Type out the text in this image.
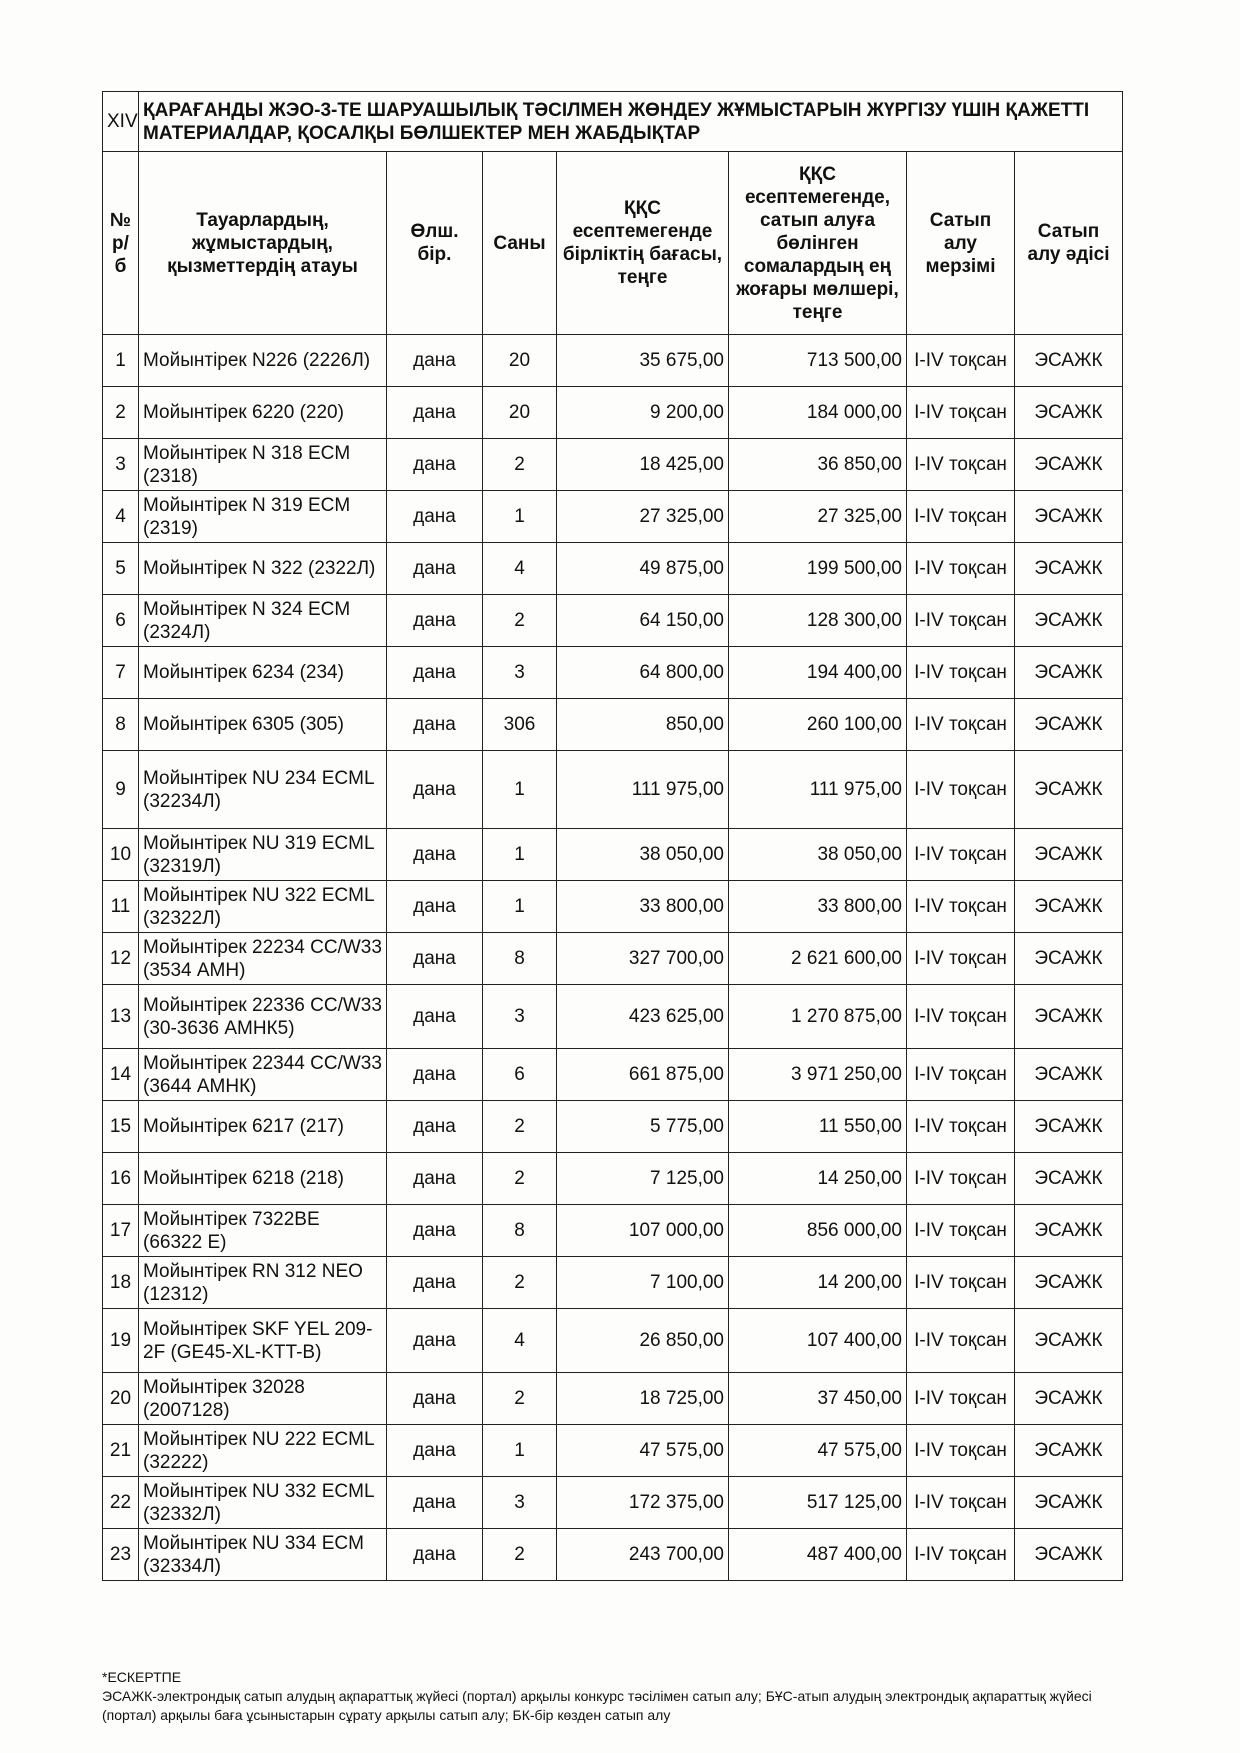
XIV	ҚАРАҒАНДЫ ЖЭО-3-ТЕ ШАРУАШЫЛЫҚ ТӘСІЛМЕН ЖӨНДЕУ ЖҰМЫСТАРЫН ЖҮРГІЗУ ҮШІН ҚАЖЕТТІ МАТЕРИАЛДАР, ҚОСАЛҚЫ БӨЛШЕКТЕР МЕН ЖАБДЫҚТАР						
№ р/б	Тауарлардың, жұмыстардың, қызметтердің атауы	Өлш. бір.	Саны	ҚҚС есептемегенде бірліктің бағасы, теңге	ҚҚС есептемегенде, сатып алуға бөлінген сомалардың ең жоғары мөлшері, теңге	Сатып алу мерзімі	Сатып алу әдісі
1	Мойынтірек N226 (2226Л)	дана	20	35 675,00	713 500,00	I-IV тоқсан	ЭСАЖК
2	Мойынтірек 6220 (220)	дана	20	9 200,00	184 000,00	I-IV тоқсан	ЭСАЖК
3	Мойынтірек N 318 ECM (2318)	дана	2	18 425,00	36 850,00	I-IV тоқсан	ЭСАЖК
4	Мойынтірек N 319 ECM (2319)	дана	1	27 325,00	27 325,00	I-IV тоқсан	ЭСАЖК
5	Мойынтірек N 322 (2322Л)	дана	4	49 875,00	199 500,00	I-IV тоқсан	ЭСАЖК
6	Мойынтірек N 324 ECM (2324Л)	дана	2	64 150,00	128 300,00	I-IV тоқсан	ЭСАЖК
7	Мойынтірек 6234 (234)	дана	3	64 800,00	194 400,00	I-IV тоқсан	ЭСАЖК
8	Мойынтірек 6305 (305)	дана	306	850,00	260 100,00	I-IV тоқсан	ЭСАЖК
9	Мойынтірек NU 234 ECML (32234Л)	дана	1	111 975,00	111 975,00	I-IV тоқсан	ЭСАЖК
10	Мойынтірек NU 319 ECML (32319Л)	дана	1	38 050,00	38 050,00	I-IV тоқсан	ЭСАЖК
11	Мойынтірек NU 322 ECML (32322Л)	дана	1	33 800,00	33 800,00	I-IV тоқсан	ЭСАЖК
12	Мойынтірек 22234 CC/W33 (3534 АМН)	дана	8	327 700,00	2 621 600,00	I-IV тоқсан	ЭСАЖК
13	Мойынтірек 22336 CC/W33 (30-3636 АМНК5)	дана	3	423 625,00	1 270 875,00	I-IV тоқсан	ЭСАЖК
14	Мойынтірек 22344 CC/W33 (3644 АМНК)	дана	6	661 875,00	3 971 250,00	I-IV тоқсан	ЭСАЖК
15	Мойынтірек 6217 (217)	дана	2	5 775,00	11 550,00	I-IV тоқсан	ЭСАЖК
16	Мойынтірек 6218 (218)	дана	2	7 125,00	14 250,00	I-IV тоқсан	ЭСАЖК
17	Мойынтірек 7322BE (66322 E)	дана	8	107 000,00	856 000,00	I-IV тоқсан	ЭСАЖК
18	Мойынтірек RN 312 NEO (12312)	дана	2	7 100,00	14 200,00	I-IV тоқсан	ЭСАЖК
19	Мойынтірек SKF YEL 209-2F (GE45-XL-KTT-B)	дана	4	26 850,00	107 400,00	I-IV тоқсан	ЭСАЖК
20	Мойынтірек 32028 (2007128)	дана	2	18 725,00	37 450,00	I-IV тоқсан	ЭСАЖК
21	Мойынтірек NU 222 ECML (32222)	дана	1	47 575,00	47 575,00	I-IV тоқсан	ЭСАЖК
22	Мойынтірек NU 332 ECML (32332Л)	дана	3	172 375,00	517 125,00	I-IV тоқсан	ЭСАЖК
23	Мойынтірек NU 334 ECM (32334Л)	дана	2	243 700,00	487 400,00	I-IV тоқсан	ЭСАЖК
*ЕСКЕРТПЕ
ЭСАЖК-электрондық сатып алудың ақпараттық жүйесі (портал) арқылы конкурс тәсілімен сатып алу; БҰС-атып алудың электрондық ақпараттық жүйесі (портал) арқылы баға ұсыныстарын сұрату арқылы сатып алу; БК-бір көзден сатып алу
